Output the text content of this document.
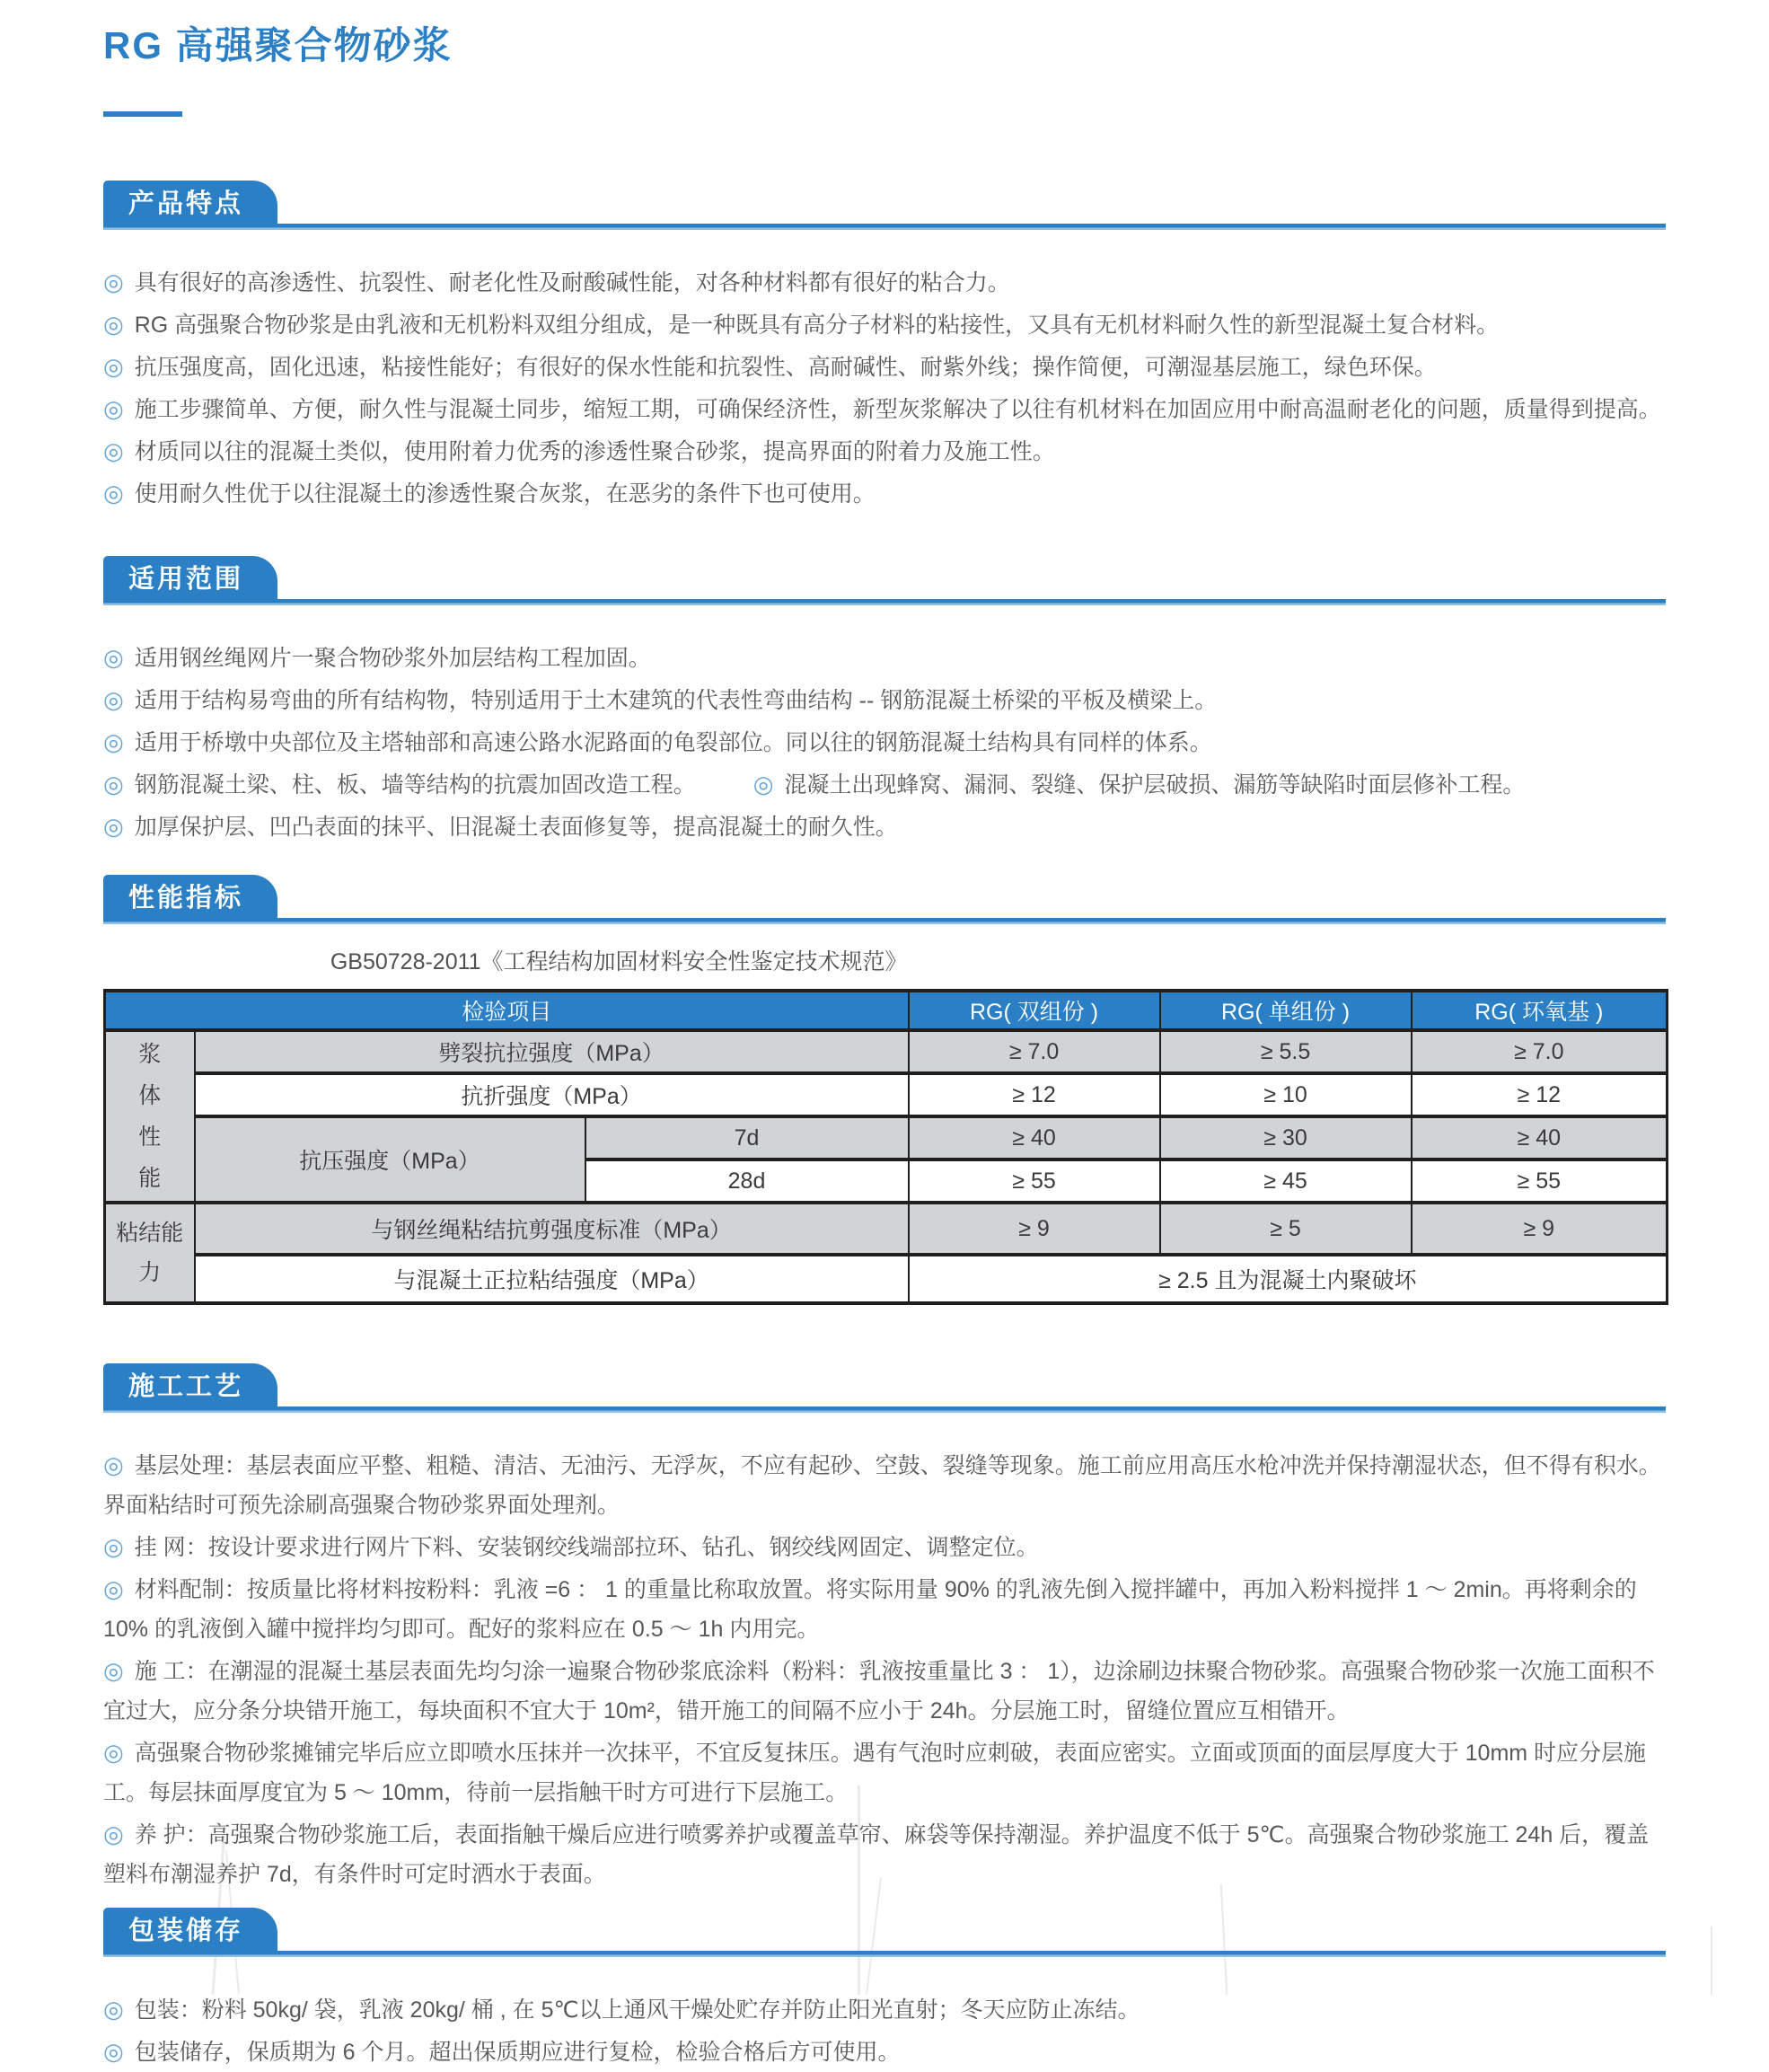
RG 高强聚合物砂浆
产品特点
◎ 具有很好的高渗透性、抗裂性、耐老化性及耐酸碱性能，对各种材料都有很好的粘合力。
◎ RG 高强聚合物砂浆是由乳液和无机粉料双组分组成，是一种既具有高分子材料的粘接性，又具有无机材料耐久性的新型混凝土复合材料。
◎ 抗压强度高，固化迅速，粘接性能好；有很好的保水性能和抗裂性、高耐碱性、耐紫外线；操作简便，可潮湿基层施工，绿色环保。
◎ 施工步骤简单、方便，耐久性与混凝土同步，缩短工期，可确保经济性，新型灰浆解决了以往有机材料在加固应用中耐高温耐老化的问题，质量得到提高。
◎ 材质同以往的混凝土类似，使用附着力优秀的渗透性聚合砂浆，提高界面的附着力及施工性。
◎ 使用耐久性优于以往混凝土的渗透性聚合灰浆，在恶劣的条件下也可使用。
适用范围
◎ 适用钢丝绳网片一聚合物砂浆外加层结构工程加固。
◎ 适用于结构易弯曲的所有结构物，特别适用于土木建筑的代表性弯曲结构 -- 钢筋混凝土桥梁的平板及横梁上。
◎ 适用于桥墩中央部位及主塔轴部和高速公路水泥路面的龟裂部位。同以往的钢筋混凝土结构具有同样的体系。
◎ 钢筋混凝土梁、柱、板、墙等结构的抗震加固改造工程。 ◎ 混凝土出现蜂窝、漏洞、裂缝、保护层破损、漏筋等缺陷时面层修补工程。
◎ 加厚保护层、凹凸表面的抹平、旧混凝土表面修复等，提高混凝土的耐久性。
性能指标
GB50728-2011《工程结构加固材料安全性鉴定技术规范》
检验项目			RG( 双组份 )	RG( 单组份 )	RG( 环氧基 )
浆体性能	劈裂抗拉强度（MPa）		≥ 7.0	≥ 5.5	≥ 7.0
	抗折强度（MPa）		≥ 12	≥ 10	≥ 12
	抗压强度（MPa）	7d	≥ 40	≥ 30	≥ 40
		28d	≥ 55	≥ 45	≥ 55
粘结能力	与钢丝绳粘结抗剪强度标准（MPa）		≥ 9	≥ 5	≥ 9
	与混凝土正拉粘结强度（MPa）		≥ 2.5 且为混凝土内聚破坏		
施工工艺
◎ 基层处理：基层表面应平整、粗糙、清洁、无油污、无浮灰，不应有起砂、空鼓、裂缝等现象。施工前应用高压水枪冲洗并保持潮湿状态，但不得有积水。界面粘结时可预先涂刷高强聚合物砂浆界面处理剂。
◎ 挂 网：按设计要求进行网片下料、安装钢绞线端部拉环、钻孔、钢绞线网固定、调整定位。
◎ 材料配制：按质量比将材料按粉料：乳液 =6 ： 1 的重量比称取放置。将实际用量 90% 的乳液先倒入搅拌罐中，再加入粉料搅拌 1 ～ 2min。再将剩余的 10% 的乳液倒入罐中搅拌均匀即可。配好的浆料应在 0.5 ～ 1h 内用完。
◎ 施 工：在潮湿的混凝土基层表面先均匀涂一遍聚合物砂浆底涂料（粉料：乳液按重量比 3 ： 1），边涂刷边抹聚合物砂浆。高强聚合物砂浆一次施工面积不宜过大，应分条分块错开施工，每块面积不宜大于 10m²，错开施工的间隔不应小于 24h。分层施工时，留缝位置应互相错开。
◎ 高强聚合物砂浆摊铺完毕后应立即喷水压抹并一次抹平，不宜反复抹压。遇有气泡时应刺破，表面应密实。立面或顶面的面层厚度大于 10mm 时应分层施工。每层抹面厚度宜为 5 ～ 10mm，待前一层指触干时方可进行下层施工。
◎ 养 护：高强聚合物砂浆施工后，表面指触干燥后应进行喷雾养护或覆盖草帘、麻袋等保持潮湿。养护温度不低于 5℃。高强聚合物砂浆施工 24h 后，覆盖塑料布潮湿养护 7d，有条件时可定时洒水于表面。
包装储存
◎ 包装：粉料 50kg/ 袋，乳液 20kg/ 桶 , 在 5℃以上通风干燥处贮存并防止阳光直射；冬天应防止冻结。
◎ 包装储存，保质期为 6 个月。超出保质期应进行复检，检验合格后方可使用。
